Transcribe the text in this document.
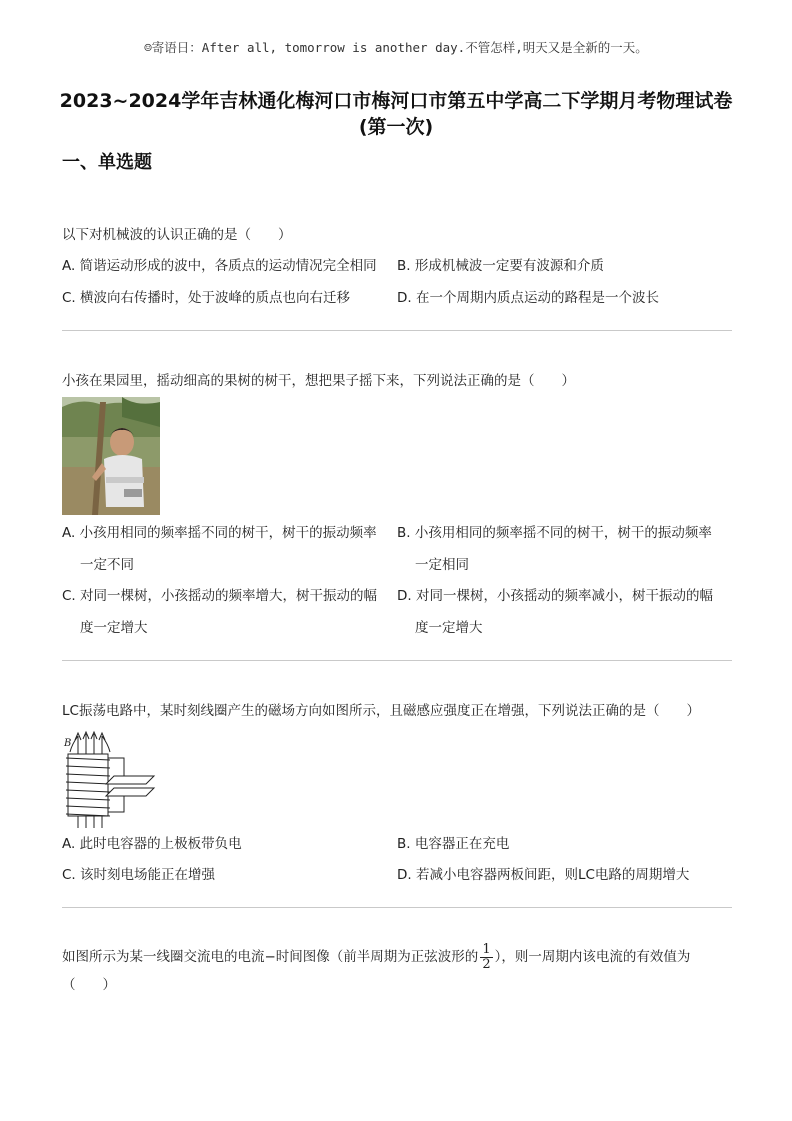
☺寄语日：After all, tomorrow is another day.不管怎样,明天又是全新的一天。
2023~2024学年吉林通化梅河口市梅河口市第五中学高二下学期月考物理试卷
(第一次)
一、单选题
以下对机械波的认识正确的是（　　）
A. 简谐运动形成的波中，各质点的运动情况完全相同 B. 形成机械波一定要有波源和介质
C. 横波向右传播时，处于波峰的质点也向右迁移	D. 在一个周期内质点运动的路程是一个波长
小孩在果园里，摇动细高的果树的树干，想把果子摇下来，下列说法正确的是（　　）
A. 小孩用相同的频率摇不同的树干，树干的振动频率
一定不同
B. 小孩用相同的频率摇不同的树干，树干的振动频率
一定相同
C. 对同一棵树，小孩摇动的频率增大，树干振动的幅
度一定增大
D. 对同一棵树，小孩摇动的频率减小，树干振动的幅
度一定增大
LC振荡电路中，某时刻线圈产生的磁场方向如图所示，且磁感应强度正在增强，下列说法正确的是（　　）
B
A. 此时电容器的上极板带负电	B. 电容器正在充电
C. 该时刻电场能正在增强	D. 若减小电容器两板间距，则LC电路的周期增大
如图所示为某一线圈交流电的电流−时间图像（前半周期为正弦波形的 $\frac{1}{2}$ ），则一周期内该电流的有效值为
（　　）
